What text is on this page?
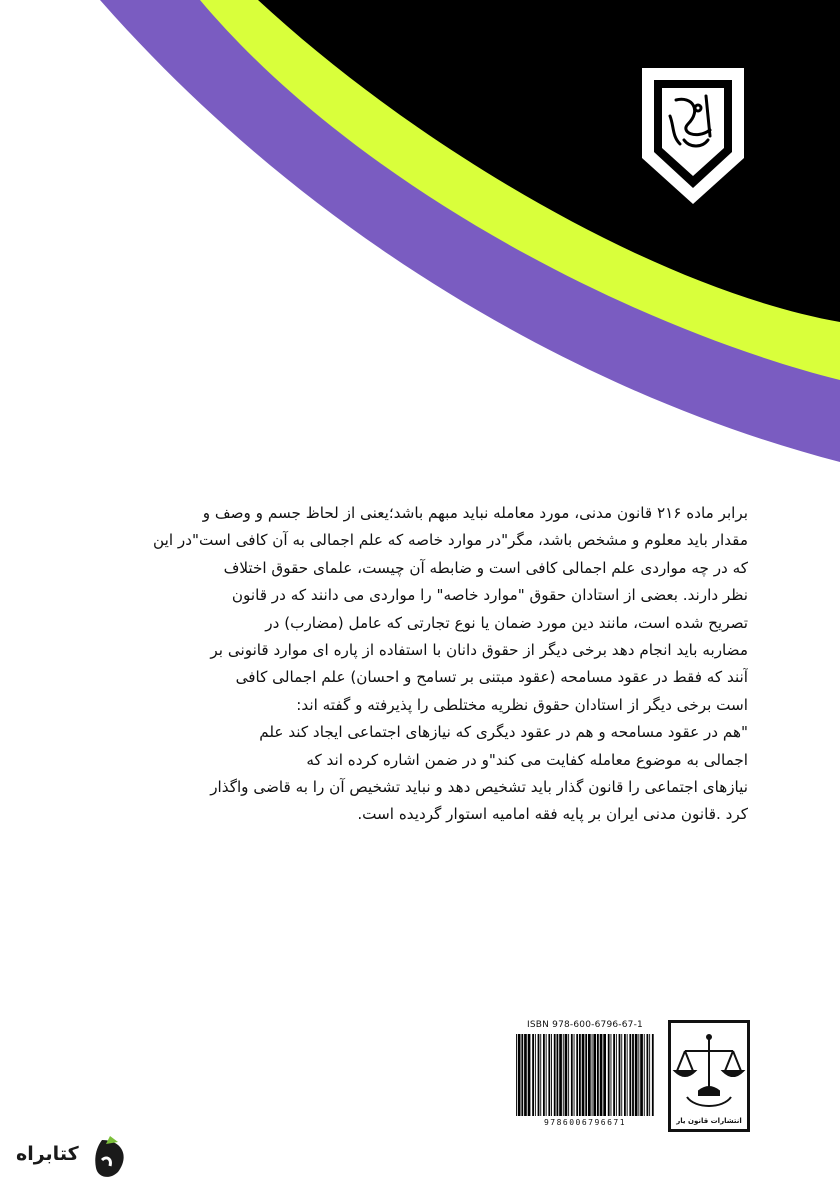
برابر ماده ۲۱۶ قانون مدنی، مورد معامله نباید مبهم باشد؛یعنی از لحاظ جسم و وصف و
مقدار باید معلوم و مشخص باشد، مگر"در موارد خاصه که علم اجمالی به آن کافی است"در این
که در چه مواردی علم اجمالی کافی است و ضابطه آن چیست، علمای حقوق اختلاف
نظر دارند. بعضی از استادان حقوق "موارد خاصه" را مواردی می دانند که در قانون
تصریح شده است، مانند دین مورد ضمان یا نوع تجارتی که عامل (مضارب) در
مضاربه باید انجام دهد برخی دیگر از حقوق دانان با استفاده از پاره ای موارد قانونی بر
آنند که فقط در عقود مسامحه (عقود مبتنی بر تسامح و احسان) علم اجمالی کافی
است برخی دیگر از استادان حقوق نظریه مختلطی را پذیرفته و گفته اند:
"هم در عقود مسامحه و هم در عقود دیگری که نیازهای اجتماعی ایجاد کند علم
اجمالی به موضوع معامله کفایت می کند"و در ضمن اشاره کرده اند که
نیازهای اجتماعی را قانون گذار باید تشخیص دهد و نباید تشخیص آن را به قاضی واگذار
کرد .قانون مدنی ایران بر پایه فقه امامیه استوار گردیده است.
ISBN 978-600-6796-67-1
9786006796671	انتشارات قانون یار
کتابراه
